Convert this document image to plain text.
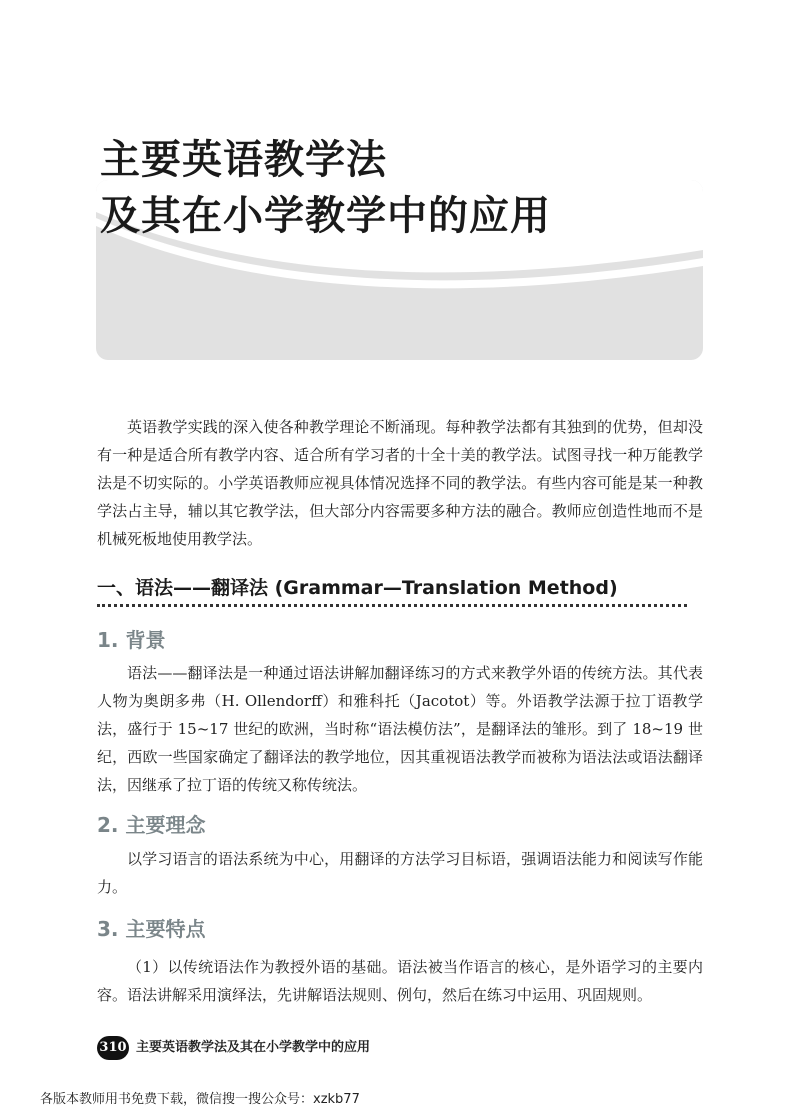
主要英语教学法
及其在小学教学中的应用

英语教学实践的深入使各种教学理论不断涌现。每种教学法都有其独到的优势，但却没有一种是适合所有教学内容、适合所有学习者的十全十美的教学法。试图寻找一种万能教学法是不切实际的。小学英语教师应视具体情况选择不同的教学法。有些内容可能是某一种教学法占主导，辅以其它教学法，但大部分内容需要多种方法的融合。教师应创造性地而不是机械死板地使用教学法。

一、语法——翻译法 (Grammar—Translation Method)
1. 背景

语法——翻译法是一种通过语法讲解加翻译练习的方式来教学外语的传统方法。其代表人物为奥朗多弗（H. Ollendorff）和雅科托（Jacotot）等。外语教学法源于拉丁语教学法，盛行于 15~17 世纪的欧洲，当时称“语法模仿法”，是翻译法的雏形。到了 18~19 世纪，西欧一些国家确定了翻译法的教学地位，因其重视语法教学而被称为语法法或语法翻译法，因继承了拉丁语的传统又称传统法。

2. 主要理念

以学习语言的语法系统为中心，用翻译的方法学习目标语，强调语法能力和阅读写作能力。

3. 主要特点

（1）以传统语法作为教授外语的基础。语法被当作语言的核心，是外语学习的主要内容。语法讲解采用演绎法，先讲解语法规则、例句，然后在练习中运用、巩固规则。

310 主要英语教学法及其在小学教学中的应用
各版本教师用书免费下载，微信搜一搜公众号：xzkb77
